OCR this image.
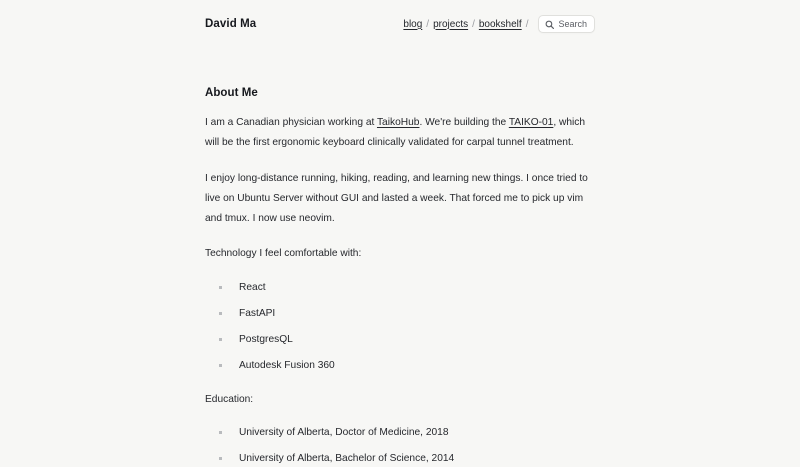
David Ma	blog / projects / bookshelf /	Search
About Me

I am a Canadian physician working at TaikoHub. We're building the TAIKO-01, which will be the first ergonomic keyboard clinically validated for carpal tunnel treatment.

I enjoy long-distance running, hiking, reading, and learning new things. I once tried to live on Ubuntu Server without GUI and lasted a week. That forced me to pick up vim and tmux. I now use neovim.

Technology I feel comfortable with:

React
FastAPI
PostgresQL
Autodesk Fusion 360

Education:

University of Alberta, Doctor of Medicine, 2018
University of Alberta, Bachelor of Science, 2014
